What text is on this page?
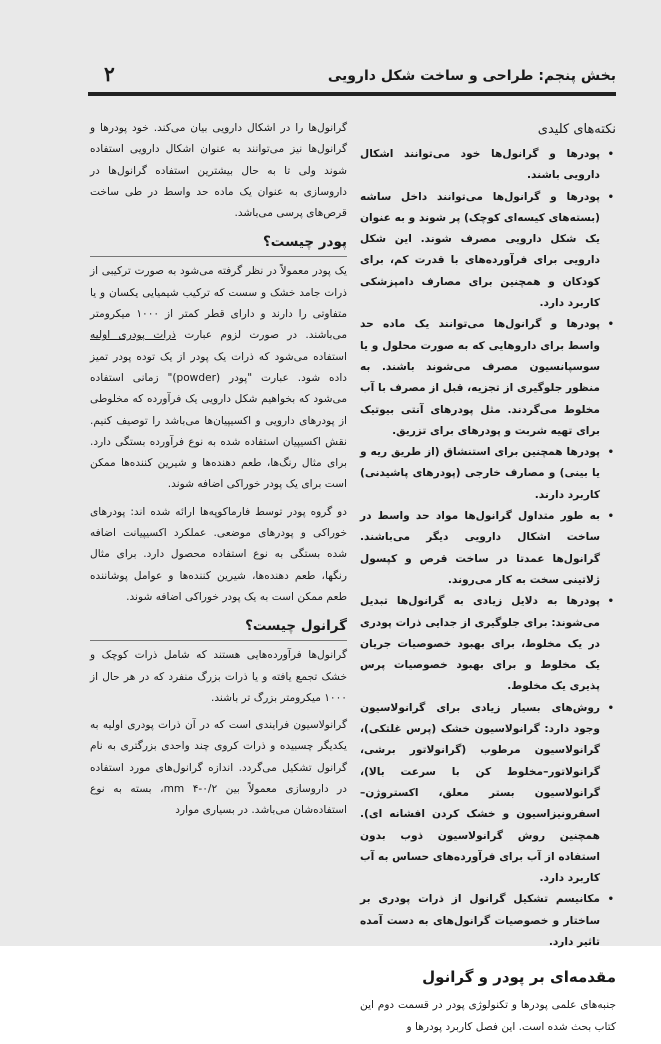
بخش پنجم: طراحی و ساخت شکل دارویی
۲
نکته‌های کلیدی
•
پودرها و گرانول‌ها خود می‌توانند اشکال دارویی باشند.
•
پودرها و گرانول‌ها می‌توانند داخل ساشه (بسته‌های کیسه‌ای کوچک) پر شوند و به عنوان یک شکل دارویی مصرف شوند. این شکل دارویی برای فرآورده‌های با قدرت کم، برای کودکان و همچنین برای مصارف دامپزشکی کاربرد دارد.
•
پودرها و گرانول‌ها می‌توانند یک ماده حد واسط برای داروهایی که به صورت محلول و یا سوسپانسیون مصرف می‌شوند باشند. به منظور جلوگیری از تجزیه، قبل از مصرف با آب مخلوط می‌گردند. مثل پودرهای آنتی بیوتیک برای تهیه شربت و پودرهای برای تزریق.
•
پودرها همچنین برای استنشاق (از طریق ریه و یا بینی) و مصارف خارجی (پودرهای پاشیدنی) کاربرد دارند.
•
به طور متداول گرانول‌ها مواد حد واسط در ساخت اشکال دارویی دیگر می‌باشند. گرانول‌ها عمدتا در ساخت قرص و کپسول ژلاتینی سخت به کار می‌روند.
•
پودرها به دلایل زیادی به گرانول‌ها تبدیل می‌شوند: برای جلوگیری از جدایی ذرات پودری در یک مخلوط، برای بهبود خصوصیات جریان یک مخلوط و برای بهبود خصوصیات پرس پذیری یک مخلوط.
•
روش‌های بسیار زیادی برای گرانولاسیون وجود دارد: گرانولاسیون خشک (پرس غلتکی)، گرانولاسیون مرطوب (گرانولاتور برشی، گرانولاتور–مخلوط کن با سرعت بالا)، گرانولاسیون بستر معلق، اکستروژن–اسفرونیزاسیون و خشک کردن افشانه ای). همچنین روش گرانولاسیون ذوب بدون استفاده از آب برای فرآورده‌های حساس به آب کاربرد دارد.
•
مکانیسم تشکیل گرانول از ذرات پودری بر ساختار و خصوصیات گرانول‌های به دست آمده تاثیر دارد.
مقدمه‌ای بر پودر و گرانول

جنبه‌های علمی پودرها و تکنولوژی پودر در قسمت دوم این کتاب بحث شده است. این فصل کاربرد پودرها و

گرانول‌ها را در اشکال دارویی بیان می‌کند. خود پودرها و گرانول‌ها نیز می‌توانند به عنوان اشکال دارویی استفاده شوند ولی تا به حال بیشترین استفاده گرانول‌ها در داروسازی به عنوان یک ماده حد واسط در طی ساخت قرص‌های پرسی می‌باشد.

پودر چیست؟

یک پودر معمولاً در نظر گرفته می‌شود به صورت ترکیبی از ذرات جامد خشک و سست که ترکیب شیمیایی یکسان و یا متفاوتی را دارند و دارای قطر کمتر از ۱۰۰۰ میکرومتر می‌باشند. در صورت لزوم عبارت ذرات پودری اولیه استفاده می‌شود که ذرات یک پودر از یک توده پودر تمیز داده شود. عبارت "پودر (powder)" زمانی استفاده می‌شود که بخواهیم شکل دارویی یک فرآورده که مخلوطی از پودرهای دارویی و اکسیپیان‌ها می‌باشد را توصیف کنیم. نقش اکسیپیان استفاده شده به نوع فرآورده بستگی دارد. برای مثال رنگ‌ها، طعم دهنده‌ها و شیرین کننده‌ها ممکن است برای یک پودر خوراکی اضافه شوند.

دو گروه پودر توسط فارماکوپه‌ها ارائه شده اند: پودرهای خوراکی و پودرهای موضعی. عملکرد اکسیپیانت اضافه شده بستگی به نوع استفاده محصول دارد. برای مثال رنگها، طعم دهنده‌ها، شیرین کننده‌ها و عوامل پوشاننده طعم ممکن است به یک پودر خوراکی اضافه شوند.

گرانول چیست؟

گرانول‌ها فرآورده‌هایی هستند که شامل ذرات کوچک و خشک تجمع یافته و یا ذرات بزرگ منفرد که در هر حال از ۱۰۰۰ میکرومتر بزرگ تر باشند.

گرانولاسیون فرایندی است که در آن ذرات پودری اولیه به یکدیگر چسبیده و ذرات کروی چند واحدی بزرگتری به نام گرانول تشکیل می‌گردد. اندازه گرانول‌های مورد استفاده در داروسازی معمولاً بین mm ۴-۰/۲، بسته به نوع استفاده‌شان می‌باشد. در بسیاری موارد
